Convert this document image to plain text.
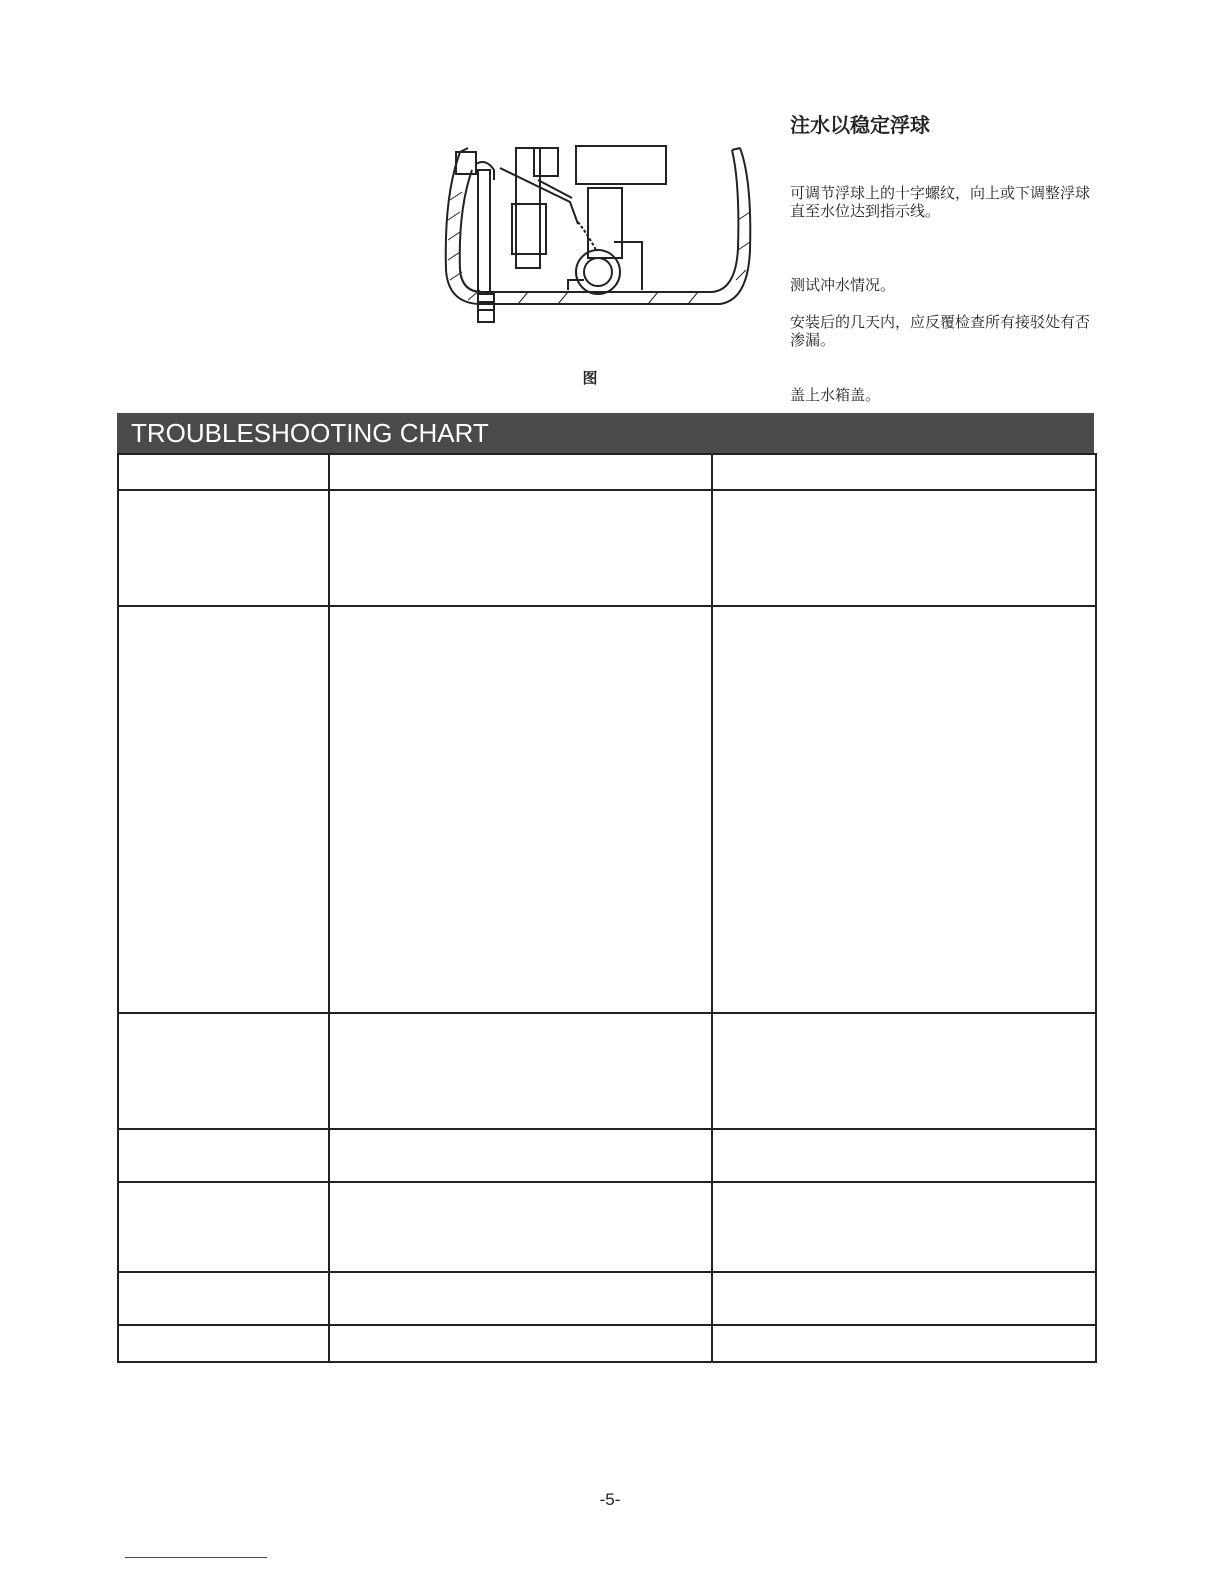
图
注水以稳定浮球
可调节浮球上的十字螺纹，向上或下调整浮球直至水位达到指示线。
测试冲水情况。
安装后的几天内，应反覆检查所有接驳处有否渗漏。
盖上水箱盖。
TROUBLESHOOTING CHART

-5-
